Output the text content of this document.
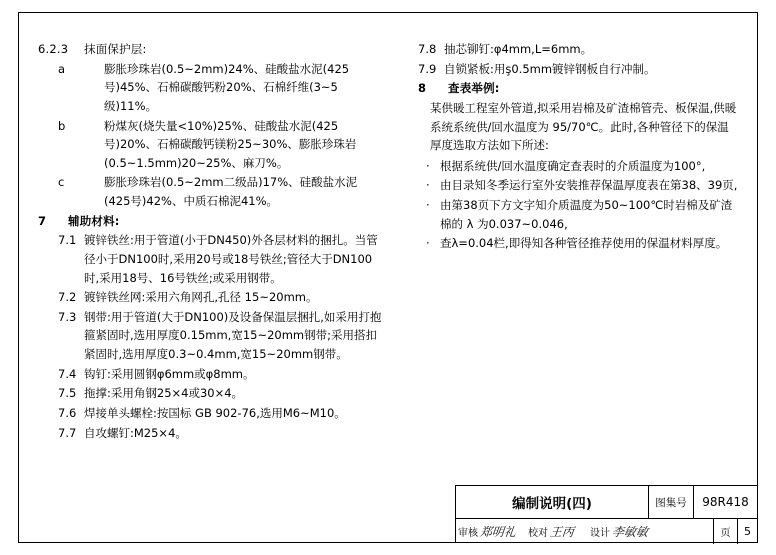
6.2.3	抹面保护层:
a	膨胀珍珠岩(0.5~2mm)24%、硅酸盐水泥(425号)45%、石棉碳酸钙粉20%、石棉纤维(3~5级)11%。
b	粉煤灰(烧失量<10%)25%、硅酸盐水泥(425号)20%、石棉碳酸钙镁粉25~30%、膨胀珍珠岩(0.5~1.5mm)20~25%、麻刀%。
c	膨胀珍珠岩(0.5~2mm二级品)17%、硅酸盐水泥(425号)42%、中质石棉泥41%。
7	辅助材料:
7.1 镀锌铁丝:用于管道(小于DN450)外各层材料的捆扎。当管径小于DN100时,采用20号或18号铁丝;管径大于DN100时,采用18号、16号铁丝;或采用钢带。
7.2 镀锌铁丝网:采用六角网孔,孔径 15~20mm。
7.3 钢带:用于管道(大于DN100)及设备保温层捆扎,如采用打抱箍紧固时,选用厚度0.15mm,宽15~20mm钢带;采用搭扣紧固时,选用厚度0.3~0.4mm,宽15~20mm钢带。
7.4 钩钉:采用圆钢φ6mm或φ8mm。
7.5 拖撑:采用角钢25×4或30×4。
7.6 焊接单头螺栓:按国标 GB 902-76,选用M6~M10。
7.7 自攻螺钉:M25×4。
7.8 抽芯铆钉:φ4mm,L=6mm。
7.9 自锁紧板:用ş0.5mm镀锌钢板自行冲制。
8	查表举例:
某供暖工程室外管道,拟采用岩棉及矿渣棉管壳、板保温,供暖系统系统供/回水温度为 95/70℃。此时,各种管径下的保温厚度选取方法如下所述:
· 根据系统供/回水温度确定查表时的介质温度为100°,
· 由目录知冬季运行室外安装推荐保温厚度表在第38、39页,
· 由第38页下方文字知介质温度为50~100℃时岩棉及矿渣棉的 λ 为0.037~0.046,
· 查λ=0.04栏,即得知各种管径推荐使用的保温材料厚度。
编制说明(四)	图集号	98R418
审核 郑明礼 校对 王丙 设计 李敏敏	页	5
